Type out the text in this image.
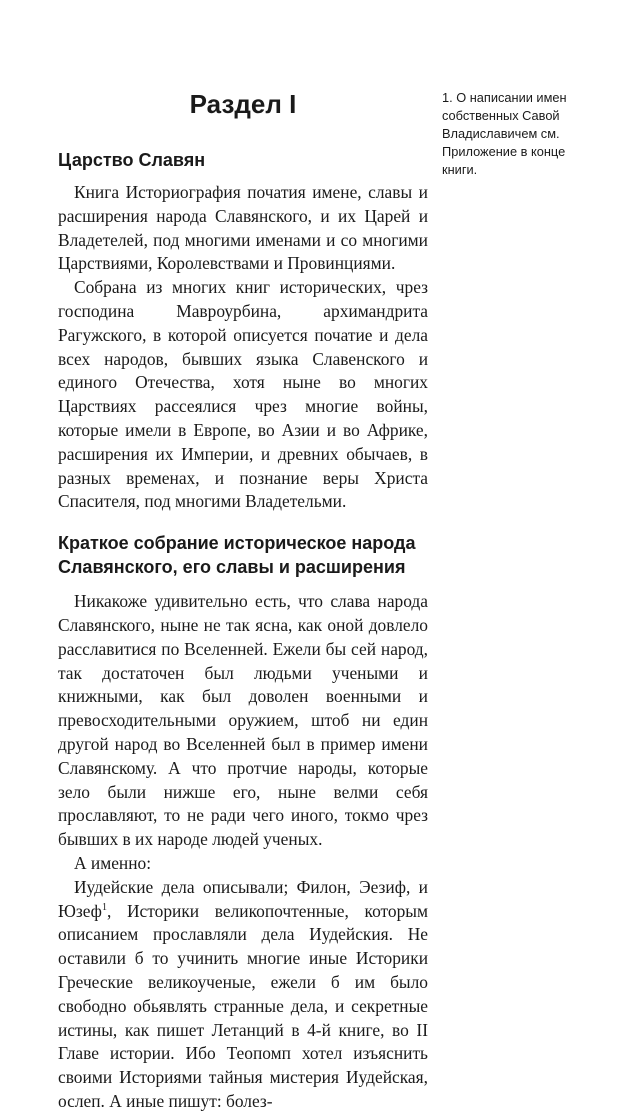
Раздел I
Царство Славян

Книга Историография початия имене, славы и расширения народа Славянского, и их Царей и Владетелей, под многими именами и со многими Царствиями, Королевствами и Провинциями.

Собрана из многих книг исторических, чрез господина Мавроурбина, архимандрита Рагужского, в которой описуется початие и дела всех народов, бывших языка Славенского и единого Отечества, хотя ныне во многих Царствиях рассеялися чрез многие войны, которые имели в Европе, во Азии и во Африке, расширения их Империи, и древних обычаев, в разных временах, и познание веры Христа Спасителя, под многими Владетельми.

Краткое собрание историческое народа Славянского, его славы и расширения

Никакоже удивительно есть, что слава народа Славянского, ныне не так ясна, как оной довлело расславитися по Вселенней. Ежели бы сей народ, так достаточен был людьми учеными и книжными, как был доволен военными и превосходительными оружием, штоб ни един другой народ во Вселенней был в пример имени Славянскому. А что протчие народы, которые зело были нижше его, ныне велми себя прославляют, то не ради чего иного, токмо чрез бывших в их народе людей ученых.

А именно:

Иудейские дела описывали; Филон, Эезиф, и Юзеф$^1$, Историки великопочтенные, которым описанием прославляли дела Иудейския. Не оставили б то учинить многие иные Историки Греческие великоученые, ежели б им было свободно обьявлять странные дела, и секретные истины, как пишет Летанций в 4-й книге, во II Главе истории. Ибо Теопомп хотел изъяснить своими Историями тайныя мистерия Иудейская, ослеп. А иные пишут: болез-

1. О написании имен
собственных Савой
Владиславичем см.
Приложение в конце
книги.
